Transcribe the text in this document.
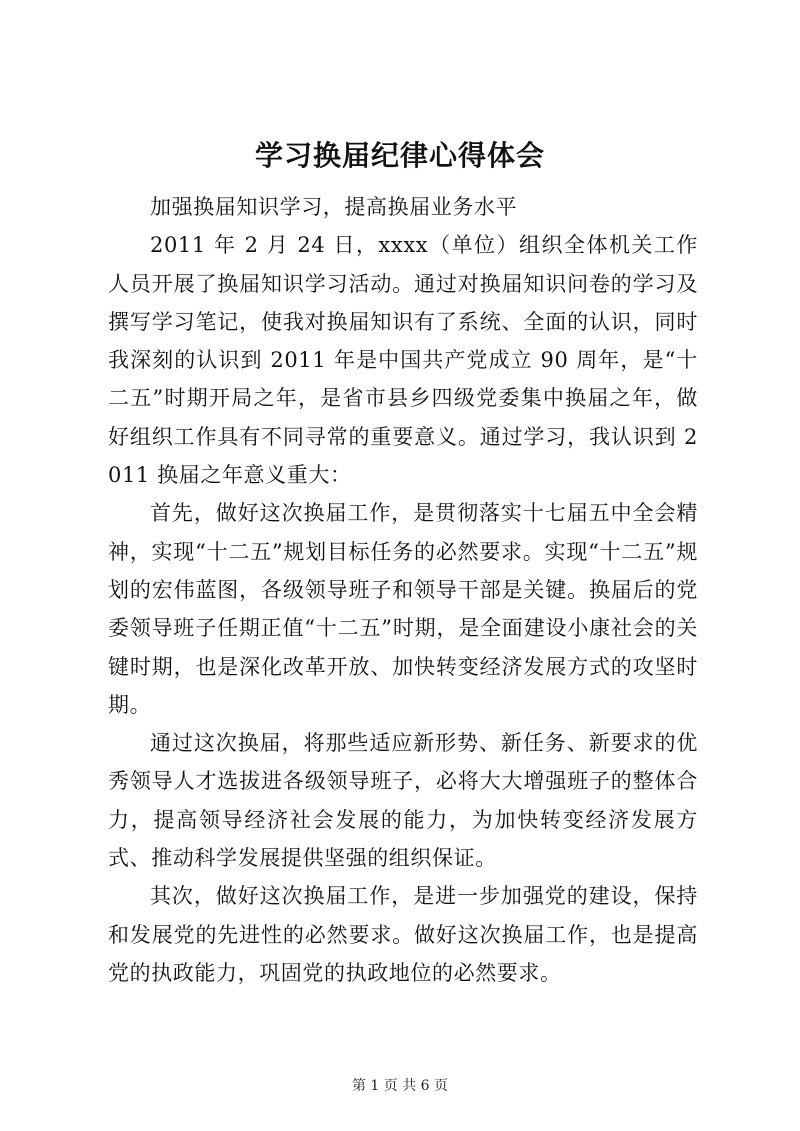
学习换届纪律心得体会

加强换届知识学习，提高换届业务水平

2011 年 2 月 24 日，xxxx（单位）组织全体机关工作人员开展了换届知识学习活动。通过对换届知识问卷的学习及撰写学习笔记，使我对换届知识有了系统、全面的认识，同时我深刻的认识到 2011 年是中国共产党成立 90 周年，是“十二五”时期开局之年，是省市县乡四级党委集中换届之年，做好组织工作具有不同寻常的重要意义。通过学习，我认识到 2011 换届之年意义重大：

首先，做好这次换届工作，是贯彻落实十七届五中全会精神，实现“十二五”规划目标任务的必然要求。实现“十二五”规划的宏伟蓝图，各级领导班子和领导干部是关键。换届后的党委领导班子任期正值“十二五”时期，是全面建设小康社会的关键时期，也是深化改革开放、加快转变经济发展方式的攻坚时期。

通过这次换届，将那些适应新形势、新任务、新要求的优秀领导人才选拔进各级领导班子，必将大大增强班子的整体合力，提高领导经济社会发展的能力，为加快转变经济发展方式、推动科学发展提供坚强的组织保证。

其次，做好这次换届工作，是进一步加强党的建设，保持和发展党的先进性的必然要求。做好这次换届工作，也是提高党的执政能力，巩固党的执政地位的必然要求。

第 1 页 共 6 页
